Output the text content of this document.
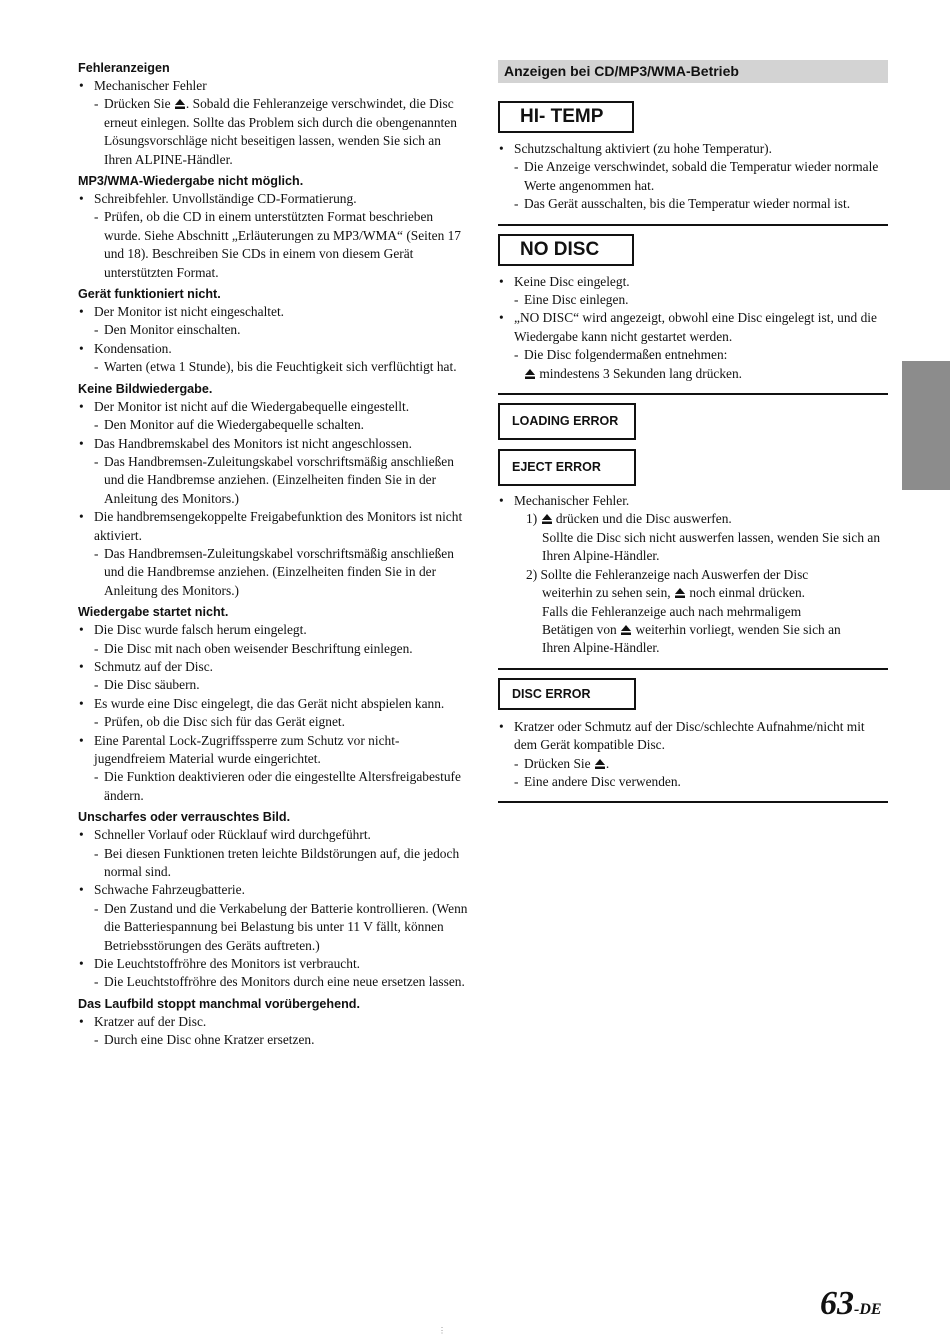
Fehleranzeigen
• Mechanischer Fehler
- Drücken Sie . Sobald die Fehleranzeige verschwindet, die Disc erneut einlegen. Sollte das Problem sich durch die obengenannten Lösungsvorschläge nicht beseitigen lassen, wenden Sie sich an Ihren ALPINE-Händler.
MP3/WMA-Wiedergabe nicht möglich.
• Schreibfehler. Unvollständige CD-Formatierung.
- Prüfen, ob die CD in einem unterstützten Format beschrieben wurde. Siehe Abschnitt „Erläuterungen zu MP3/WMA“ (Seiten 17 und 18). Beschreiben Sie CDs in einem von diesem Gerät unterstützten Format.
Gerät funktioniert nicht.
• Der Monitor ist nicht eingeschaltet.
- Den Monitor einschalten.
• Kondensation.
- Warten (etwa 1 Stunde), bis die Feuchtigkeit sich verflüchtigt hat.
Keine Bildwiedergabe.
• Der Monitor ist nicht auf die Wiedergabequelle eingestellt.
- Den Monitor auf die Wiedergabequelle schalten.
• Das Handbremskabel des Monitors ist nicht angeschlossen.
- Das Handbremsen-Zuleitungskabel vorschriftsmäßig anschließen und die Handbremse anziehen. (Einzelheiten finden Sie in der Anleitung des Monitors.)
• Die handbremsengekoppelte Freigabefunktion des Monitors ist nicht aktiviert.
- Das Handbremsen-Zuleitungskabel vorschriftsmäßig anschließen und die Handbremse anziehen. (Einzelheiten finden Sie in der Anleitung des Monitors.)
Wiedergabe startet nicht.
• Die Disc wurde falsch herum eingelegt.
- Die Disc mit nach oben weisender Beschriftung einlegen.
• Schmutz auf der Disc.
- Die Disc säubern.
• Es wurde eine Disc eingelegt, die das Gerät nicht abspielen kann.
- Prüfen, ob die Disc sich für das Gerät eignet.
• Eine Parental Lock-Zugriffssperre zum Schutz vor nicht-jugendfreiem Material wurde eingerichtet.
- Die Funktion deaktivieren oder die eingestellte Altersfreigabestufe ändern.
Unscharfes oder verrauschtes Bild.
• Schneller Vorlauf oder Rücklauf wird durchgeführt.
- Bei diesen Funktionen treten leichte Bildstörungen auf, die jedoch normal sind.
• Schwache Fahrzeugbatterie.
- Den Zustand und die Verkabelung der Batterie kontrollieren. (Wenn die Batteriespannung bei Belastung bis unter 11 V fällt, können Betriebsstörungen des Geräts auftreten.)
• Die Leuchtstoffröhre des Monitors ist verbraucht.
- Die Leuchtstoffröhre des Monitors durch eine neue ersetzen lassen.
Das Laufbild stoppt manchmal vorübergehend.
• Kratzer auf der Disc.
- Durch eine Disc ohne Kratzer ersetzen.
Anzeigen bei CD/MP3/WMA-Betrieb
HI- TEMP
• Schutzschaltung aktiviert (zu hohe Temperatur).
- Die Anzeige verschwindet, sobald die Temperatur wieder normale Werte angenommen hat.
- Das Gerät ausschalten, bis die Temperatur wieder normal ist.
NO DISC
• Keine Disc eingelegt.
- Eine Disc einlegen.
• „NO DISC“ wird angezeigt, obwohl eine Disc eingelegt ist, und die Wiedergabe kann nicht gestartet werden.
- Die Disc folgendermaßen entnehmen:
mindestens 3 Sekunden lang drücken.
LOADING ERROR
EJECT ERROR
• Mechanischer Fehler.
1)  drücken und die Disc auswerfen.
Sollte die Disc sich nicht auswerfen lassen, wenden Sie sich an Ihren Alpine-Händler.
2) Sollte die Fehleranzeige nach Auswerfen der Disc
weiterhin zu sehen sein,  noch einmal drücken.
Falls die Fehleranzeige auch nach mehrmaligem
Betätigen von  weiterhin vorliegt, wenden Sie sich an
Ihren Alpine-Händler.
DISC ERROR
• Kratzer oder Schmutz auf der Disc/schlechte Aufnahme/nicht mit dem Gerät kompatible Disc.
- Drücken Sie .
- Eine andere Disc verwenden.
63-DE
⋮
